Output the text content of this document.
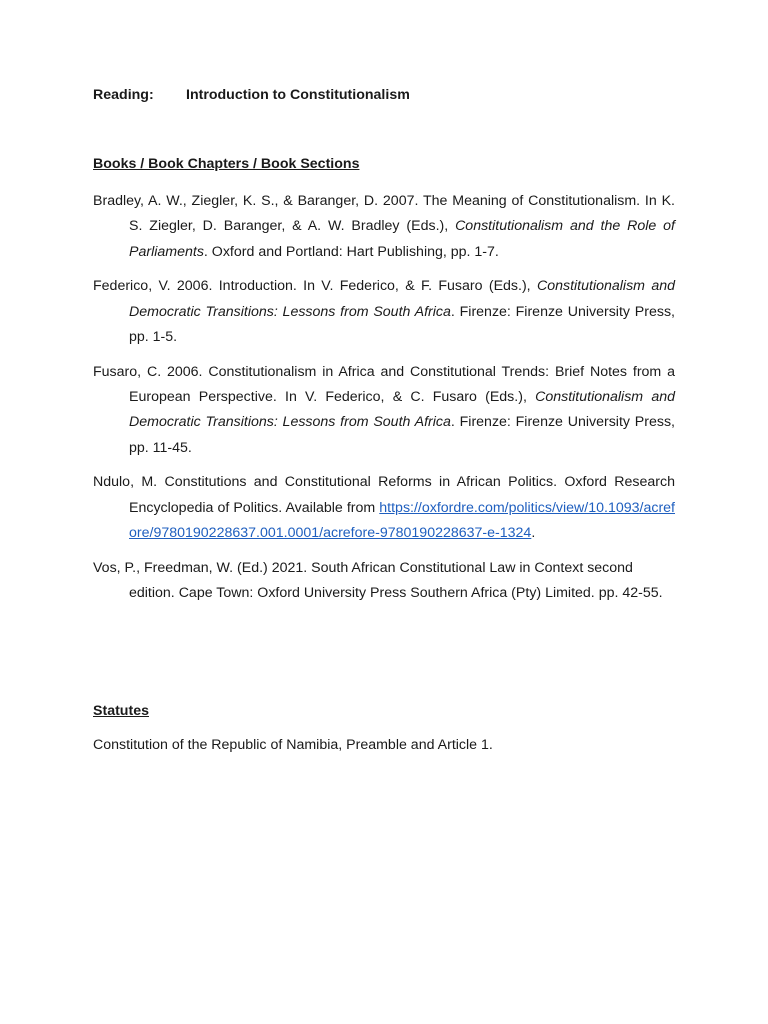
Reading: Introduction to Constitutionalism
Books / Book Chapters / Book Sections

Bradley, A. W., Ziegler, K. S., & Baranger, D. 2007. The Meaning of Constitutionalism. In K. S. Ziegler, D. Baranger, & A. W. Bradley (Eds.), Constitutionalism and the Role of Parliaments. Oxford and Portland: Hart Publishing, pp. 1-7.

Federico, V. 2006. Introduction. In V. Federico, & F. Fusaro (Eds.), Constitutionalism and Democratic Transitions: Lessons from South Africa. Firenze: Firenze University Press, pp. 1-5.

Fusaro, C. 2006. Constitutionalism in Africa and Constitutional Trends: Brief Notes from a European Perspective. In V. Federico, & C. Fusaro (Eds.), Constitutionalism and Democratic Transitions: Lessons from South Africa. Firenze: Firenze University Press, pp. 11-45.

Ndulo, M. Constitutions and Constitutional Reforms in African Politics. Oxford Research Encyclopedia of Politics. Available from https://oxfordre.com/politics/view/10.1093/acrefore/9780190228637.001.0001/acrefore-9780190228637-e-1324.

Vos, P., Freedman, W. (Ed.) 2021. South African Constitutional Law in Context second edition. Cape Town: Oxford University Press Southern Africa (Pty) Limited. pp. 42-55.

Statutes
Constitution of the Republic of Namibia, Preamble and Article 1.
